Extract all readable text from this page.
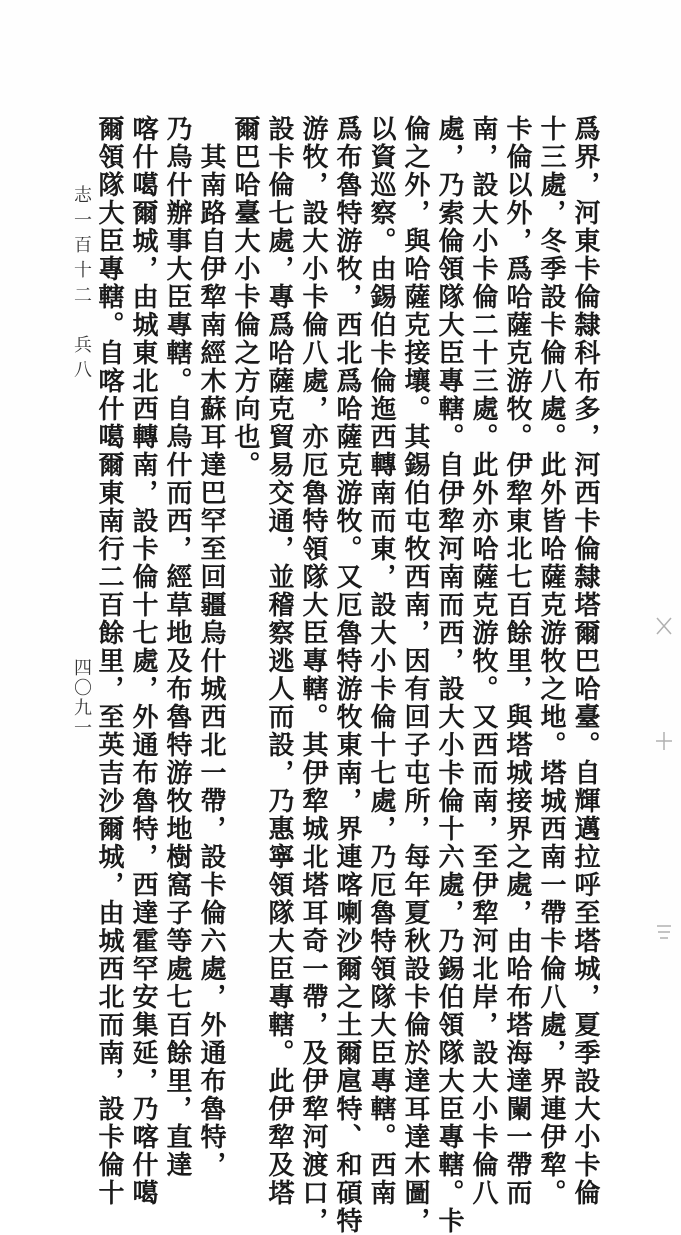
爲界，河東卡倫隸科布多，河西卡倫隸塔爾巴哈臺。自輝邁拉呼至塔城，夏季設大小卡倫
十三處，冬季設卡倫八處。此外皆哈薩克游牧之地。塔城西南一帶卡倫八處，界連伊犂。
卡倫以外，爲哈薩克游牧。伊犂東北七百餘里，與塔城接界之處，由哈布塔海達闌一帶而
南，設大小卡倫二十三處。此外亦哈薩克游牧。又西而南，至伊犂河北岸，設大小卡倫八
處，乃索倫領隊大臣專轄。自伊犂河南而西，設大小卡倫十六處，乃錫伯領隊大臣專轄。卡
倫之外，與哈薩克接壤。其錫伯屯牧西南，因有回子屯所，每年夏秋設卡倫於達耳達木圖，
以資巡察。由錫伯卡倫迤西轉南而東，設大小卡倫十七處，乃厄魯特領隊大臣專轄。西南
爲布魯特游牧，西北爲哈薩克游牧。又厄魯特游牧東南，界連喀喇沙爾之土爾扈特、和碩特
游牧，設大小卡倫八處，亦厄魯特領隊大臣專轄。其伊犂城北塔耳奇一帶，及伊犂河渡口，
設卡倫七處，專爲哈薩克貿易交通，並稽察逃人而設，乃惠寧領隊大臣專轄。此伊犂及塔
爾巴哈臺大小卡倫之方向也。
　其南路自伊犂南經木蘇耳達巴罕至回疆烏什城西北一帶，設卡倫六處，外通布魯特，
乃烏什辦事大臣專轄。自烏什而西，經草地及布魯特游牧地樹窩子等處七百餘里，直達
喀什噶爾城，由城東北西轉南，設卡倫十七處，外通布魯特，西達霍罕安集延，乃喀什噶
爾領隊大臣專轄。自喀什噶爾東南行二百餘里，至英吉沙爾城，由城西北而南，設卡倫十
志一百十二　兵八
四〇九一
